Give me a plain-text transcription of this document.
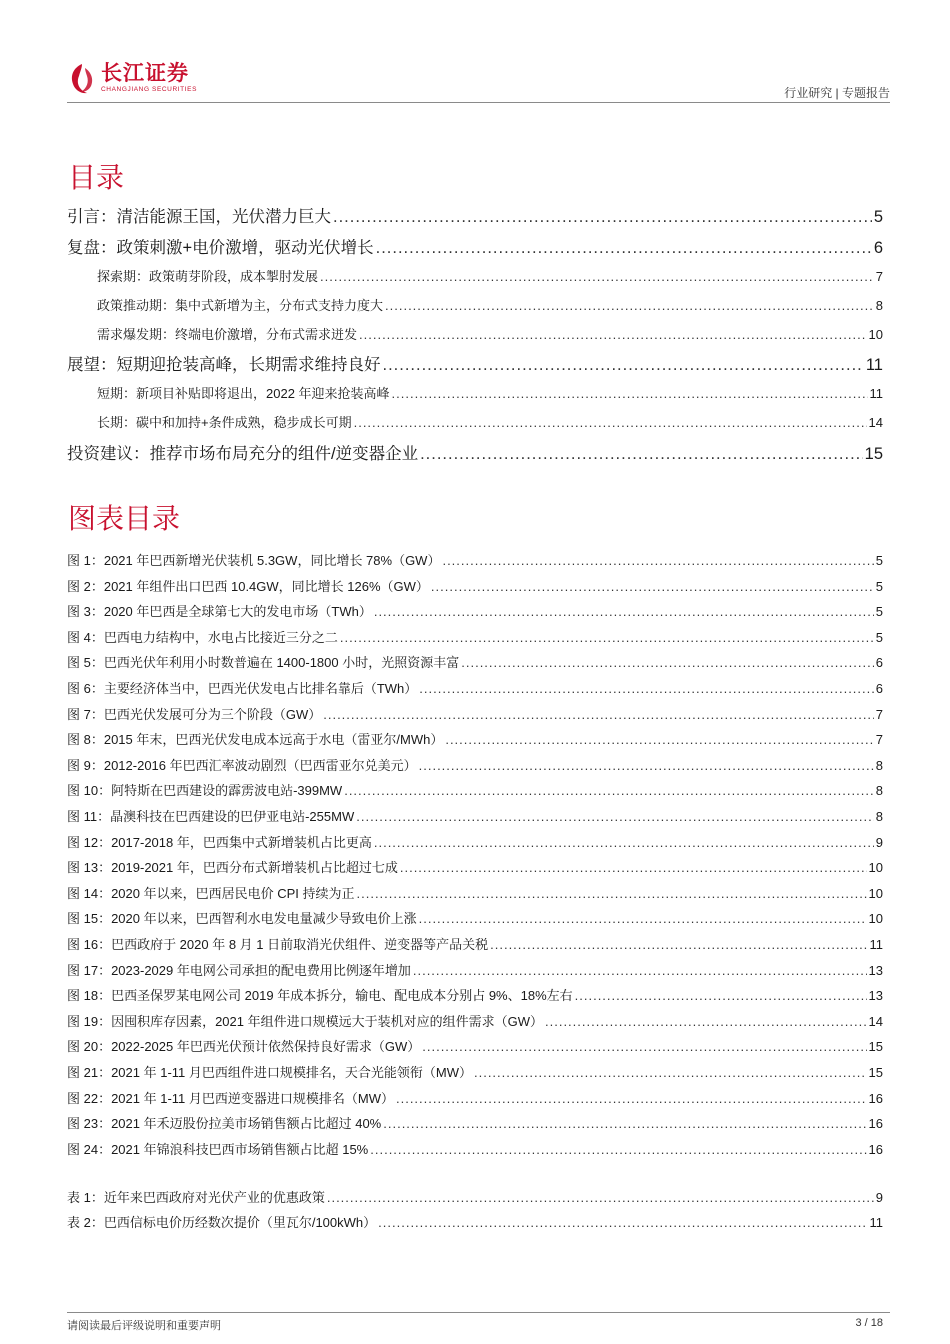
长江证券
CHANGJIANG SECURITIES	行业研究 | 专题报告
目录
引言：清洁能源王国，光伏潜力巨大 .....	5
复盘：政策刺激+电价激增，驱动光伏增长 .....	6
探索期：政策萌芽阶段，成本掣肘发展 .....	7
政策推动期：集中式新增为主，分布式支持力度大 .....	8
需求爆发期：终端电价激增，分布式需求迸发 .....	10
展望：短期迎抢装高峰，长期需求维持良好 .....	11
短期：新项目补贴即将退出，2022 年迎来抢装高峰 .....	11
长期：碳中和加持+条件成熟，稳步成长可期 .....	14
投资建议：推荐市场布局充分的组件/逆变器企业 .....	15
图表目录
图 1：2021 年巴西新增光伏装机 5.3GW，同比增长 78%（GW） .....	5
图 2：2021 年组件出口巴西 10.4GW，同比增长 126%（GW） .....	5
图 3：2020 年巴西是全球第七大的发电市场（TWh） .....	5
图 4：巴西电力结构中，水电占比接近三分之二 .....	5
图 5：巴西光伏年利用小时数普遍在 1400-1800 小时，光照资源丰富 .....	6
图 6：主要经济体当中，巴西光伏发电占比排名靠后（TWh） .....	6
图 7：巴西光伏发展可分为三个阶段（GW） .....	7
图 8：2015 年末，巴西光伏发电成本远高于水电（雷亚尔/MWh） .....	7
图 9：2012-2016 年巴西汇率波动剧烈（巴西雷亚尔兑美元） .....	8
图 10：阿特斯在巴西建设的霹雳波电站-399MW .....	8
图 11：晶澳科技在巴西建设的巴伊亚电站-255MW .....	8
图 12：2017-2018 年，巴西集中式新增装机占比更高 .....	9
图 13：2019-2021 年，巴西分布式新增装机占比超过七成 .....	10
图 14：2020 年以来，巴西居民电价 CPI 持续为正 .....	10
图 15：2020 年以来，巴西智利水电发电量减少导致电价上涨 .....	10
图 16：巴西政府于 2020 年 8 月 1 日前取消光伏组件、逆变器等产品关税 .....	11
图 17：2023-2029 年电网公司承担的配电费用比例逐年增加 .....	13
图 18：巴西圣保罗某电网公司 2019 年成本拆分，输电、配电成本分别占 9%、18%左右 .....	13
图 19：因囤积库存因素，2021 年组件进口规模远大于装机对应的组件需求（GW） .....	14
图 20：2022-2025 年巴西光伏预计依然保持良好需求（GW） .....	15
图 21：2021 年 1-11 月巴西组件进口规模排名，天合光能领衔（MW） .....	15
图 22：2021 年 1-11 月巴西逆变器进口规模排名（MW） .....	16
图 23：2021 年禾迈股份拉美市场销售额占比超过 40% .....	16
图 24：2021 年锦浪科技巴西市场销售额占比超 15% .....	16
表 1：近年来巴西政府对光伏产业的优惠政策 .....	9
表 2：巴西信标电价历经数次提价（里瓦尔/100kWh） .....	11
请阅读最后评级说明和重要声明	3 / 18
